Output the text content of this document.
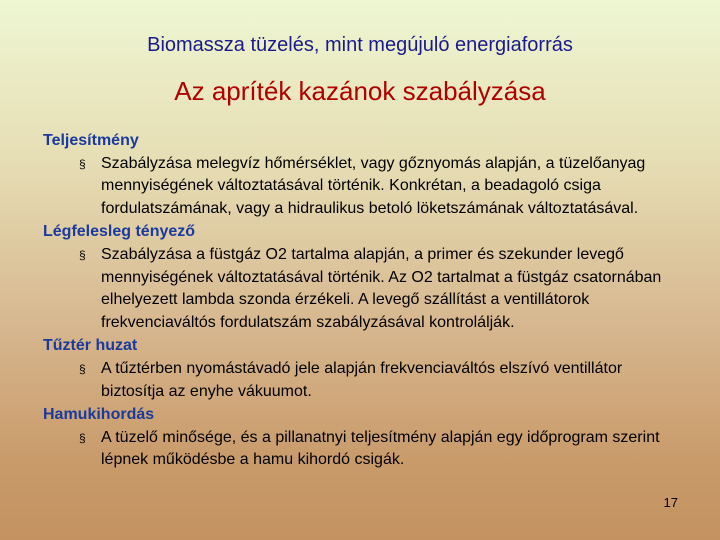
Biomassza tüzelés, mint megújuló energiaforrás
Az apríték kazánok szabályzása
Teljesítmény
§ Szabályzása melegvíz hőmérséklet, vagy gőznyomás alapján, a tüzelőanyag mennyiségének változtatásával történik. Konkrétan, a beadagoló csiga fordulatszámának, vagy a hidraulikus betoló löketszámának változtatásával.
Légfelesleg tényező
§ Szabályzása a füstgáz O2 tartalma alapján, a primer és szekunder levegő mennyiségének változtatásával történik. Az O2 tartalmat a füstgáz csatornában elhelyezett lambda szonda érzékeli. A levegő szállítást a ventillátorok frekvenciaváltós fordulatszám szabályzásával kontrolálják.
Tűztér huzat
§ A tűztérben nyomástávadó jele alapján frekvenciaváltós elszívó ventillátor biztosítja az enyhe vákuumot.
Hamukihordás
§ A tüzelő minősége, és a pillanatnyi teljesítmény alapján egy időprogram szerint lépnek működésbe a hamu kihordó csigák.
17
